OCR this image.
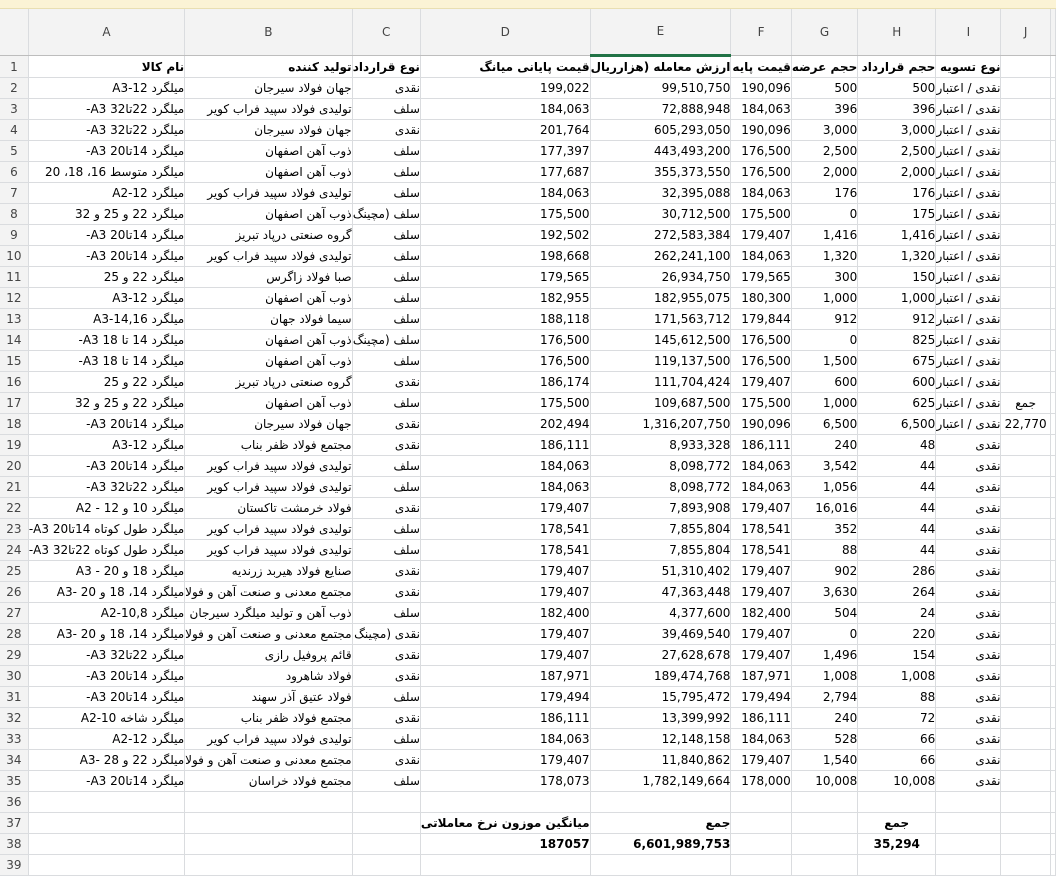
	A	B	C	D	E	F	G	H	I	J	
1	نام کالا	تولید کننده	نوع قرارداد	قیمت پایانی میانگ	ارزش معامله (هزارریال	قیمت پایه	حجم عرضه	حجم قرارداد	نوع تسویه		
2	میلگرد A3-12	جهان فولاد سیرجان	نقدی	199,022	99,510,750	190,096	500	500	نقدی / اعتبار		
3	میلگرد 22تا32 A3-	تولیدی فولاد سپید فراب کویر	سلف	184,063	72,888,948	184,063	396	396	نقدی / اعتبار		
4	میلگرد 22تا32 A3-	جهان فولاد سیرجان	نقدی	201,764	605,293,050	190,096	3,000	3,000	نقدی / اعتبار		
5	میلگرد 14تا20 A3-	ذوب آهن اصفهان	سلف	177,397	443,493,200	176,500	2,500	2,500	نقدی / اعتبار		
6	میلگرد متوسط 16، 18، 20	ذوب آهن اصفهان	سلف	177,687	355,373,550	176,500	2,000	2,000	نقدی / اعتبار		
7	میلگرد A2-12	تولیدی فولاد سپید فراب کویر	سلف	184,063	32,395,088	184,063	176	176	نقدی / اعتبار		
8	میلگرد 22 و 25 و 32	ذوب آهن اصفهان	سلف (مچینگ	175,500	30,712,500	175,500	0	175	نقدی / اعتبار		
9	میلگرد 14تا20 A3-	گروه صنعتی درپاد تبریز	سلف	192,502	272,583,384	179,407	1,416	1,416	نقدی / اعتبار		
10	میلگرد 14تا20 A3-	تولیدی فولاد سپید فراب کویر	سلف	198,668	262,241,100	184,063	1,320	1,320	نقدی / اعتبار		
11	میلگرد 22 و 25	صبا فولاد زاگرس	سلف	179,565	26,934,750	179,565	300	150	نقدی / اعتبار		
12	میلگرد A3-12	ذوب آهن اصفهان	سلف	182,955	182,955,075	180,300	1,000	1,000	نقدی / اعتبار		
13	میلگرد A3-14,16	سیما فولاد جهان	سلف	188,118	171,563,712	179,844	912	912	نقدی / اعتبار		
14	میلگرد 14 تا 18 A3-	ذوب آهن اصفهان	سلف (مچینگ	176,500	145,612,500	176,500	0	825	نقدی / اعتبار		
15	میلگرد 14 تا 18 A3-	ذوب آهن اصفهان	سلف	176,500	119,137,500	176,500	1,500	675	نقدی / اعتبار		
16	میلگرد 22 و 25	گروه صنعتی درپاد تبریز	نقدی	186,174	111,704,424	179,407	600	600	نقدی / اعتبار		
17	میلگرد 22 و 25 و 32	ذوب آهن اصفهان	سلف	175,500	109,687,500	175,500	1,000	625	نقدی / اعتبار	جمع	
18	میلگرد 14تا20 A3-	جهان فولاد سیرجان	نقدی	202,494	1,316,207,750	190,096	6,500	6,500	نقدی / اعتبار	22,770	
19	میلگرد A3-12	مجتمع فولاد ظفر بناب	نقدی	186,111	8,933,328	186,111	240	48	نقدی		
20	میلگرد 14تا20 A3-	تولیدی فولاد سپید فراب کویر	سلف	184,063	8,098,772	184,063	3,542	44	نقدی		
21	میلگرد 22تا32 A3-	تولیدی فولاد سپید فراب کویر	سلف	184,063	8,098,772	184,063	1,056	44	نقدی		
22	میلگرد 10 و 12 - A2	فولاد خرمشت تاکستان	نقدی	179,407	7,893,908	179,407	16,016	44	نقدی		
23	میلگرد طول کوتاه 14تا20 A3-	تولیدی فولاد سپید فراب کویر	سلف	178,541	7,855,804	178,541	352	44	نقدی		
24	میلگرد طول کوتاه 22تا32 A3-	تولیدی فولاد سپید فراب کویر	سلف	178,541	7,855,804	178,541	88	44	نقدی		
25	میلگرد 18 و 20 - A3	صنایع فولاد هیربد زرندیه	نقدی	179,407	51,310,402	179,407	902	286	نقدی		
26	میلگرد 14، 18 و 20 -A3	مجتمع معدنی و صنعت آهن و فولا	نقدی	179,407	47,363,448	179,407	3,630	264	نقدی		
27	میلگرد A2-10,8	ذوب آهن و تولید میلگرد سیرجان	سلف	182,400	4,377,600	182,400	504	24	نقدی		
28	میلگرد 14، 18 و 20 -A3	مجتمع معدنی و صنعت آهن و فولا	نقدی (مچینگ	179,407	39,469,540	179,407	0	220	نقدی		
29	میلگرد 22تا32 A3-	قائم پروفیل رازی	نقدی	179,407	27,628,678	179,407	1,496	154	نقدی		
30	میلگرد 14تا20 A3-	فولاد شاهرود	نقدی	187,971	189,474,768	187,971	1,008	1,008	نقدی		
31	میلگرد 14تا20 A3-	فولاد عتیق آذر سهند	سلف	179,494	15,795,472	179,494	2,794	88	نقدی		
32	میلگرد شاخه A2-10	مجتمع فولاد ظفر بناب	نقدی	186,111	13,399,992	186,111	240	72	نقدی		
33	میلگرد A2-12	تولیدی فولاد سپید فراب کویر	سلف	184,063	12,148,158	184,063	528	66	نقدی		
34	میلگرد 22 و 28 -A3	مجتمع معدنی و صنعت آهن و فولا	نقدی	179,407	11,840,862	179,407	1,540	66	نقدی		
35	میلگرد 14تا20 A3-	مجتمع فولاد خراسان	سلف	178,073	1,782,149,664	178,000	10,008	10,008	نقدی		
36											
37				میانگین موزون نرخ معاملاتی	جمع			جمع			
38				187057	6,601,989,753			35,294			
39											
